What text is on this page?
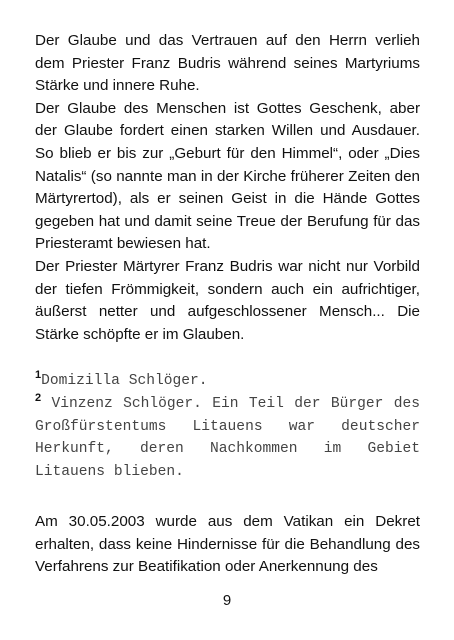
Der Glaube und das Vertrauen auf den Herrn verlieh dem Priester Franz Budris während seines Martyriums Stärke und innere Ruhe.

Der Glaube des Menschen ist Gottes Geschenk, aber der Glaube fordert einen starken Willen und Ausdauer. So blieb er bis zur „Geburt für den Himmel“, oder „Dies Natalis“ (so nannte man in der Kirche früherer Zeiten den Märtyrertod), als er seinen Geist in die Hände Gottes gegeben hat und damit seine Treue der Berufung für das Priesteramt bewiesen hat.

Der Priester Märtyrer Franz Budris war nicht nur Vorbild der tiefen Frömmigkeit, sondern auch ein aufrichtiger, äußerst netter und aufgeschlossener Mensch... Die Stärke schöpfte er im Glauben.

$^1$Domizilla Schlöger.

$^2$ Vinzenz Schlöger. Ein Teil der Bürger des Großfürstentums Litauens war deutscher Herkunft, deren Nachkommen im Gebiet Litauens blieben.

Am 30.05.2003 wurde aus dem Vatikan ein Dekret erhalten, dass keine Hindernisse für die Behandlung des Verfahrens zur Beatifikation oder Anerkennung des

9
